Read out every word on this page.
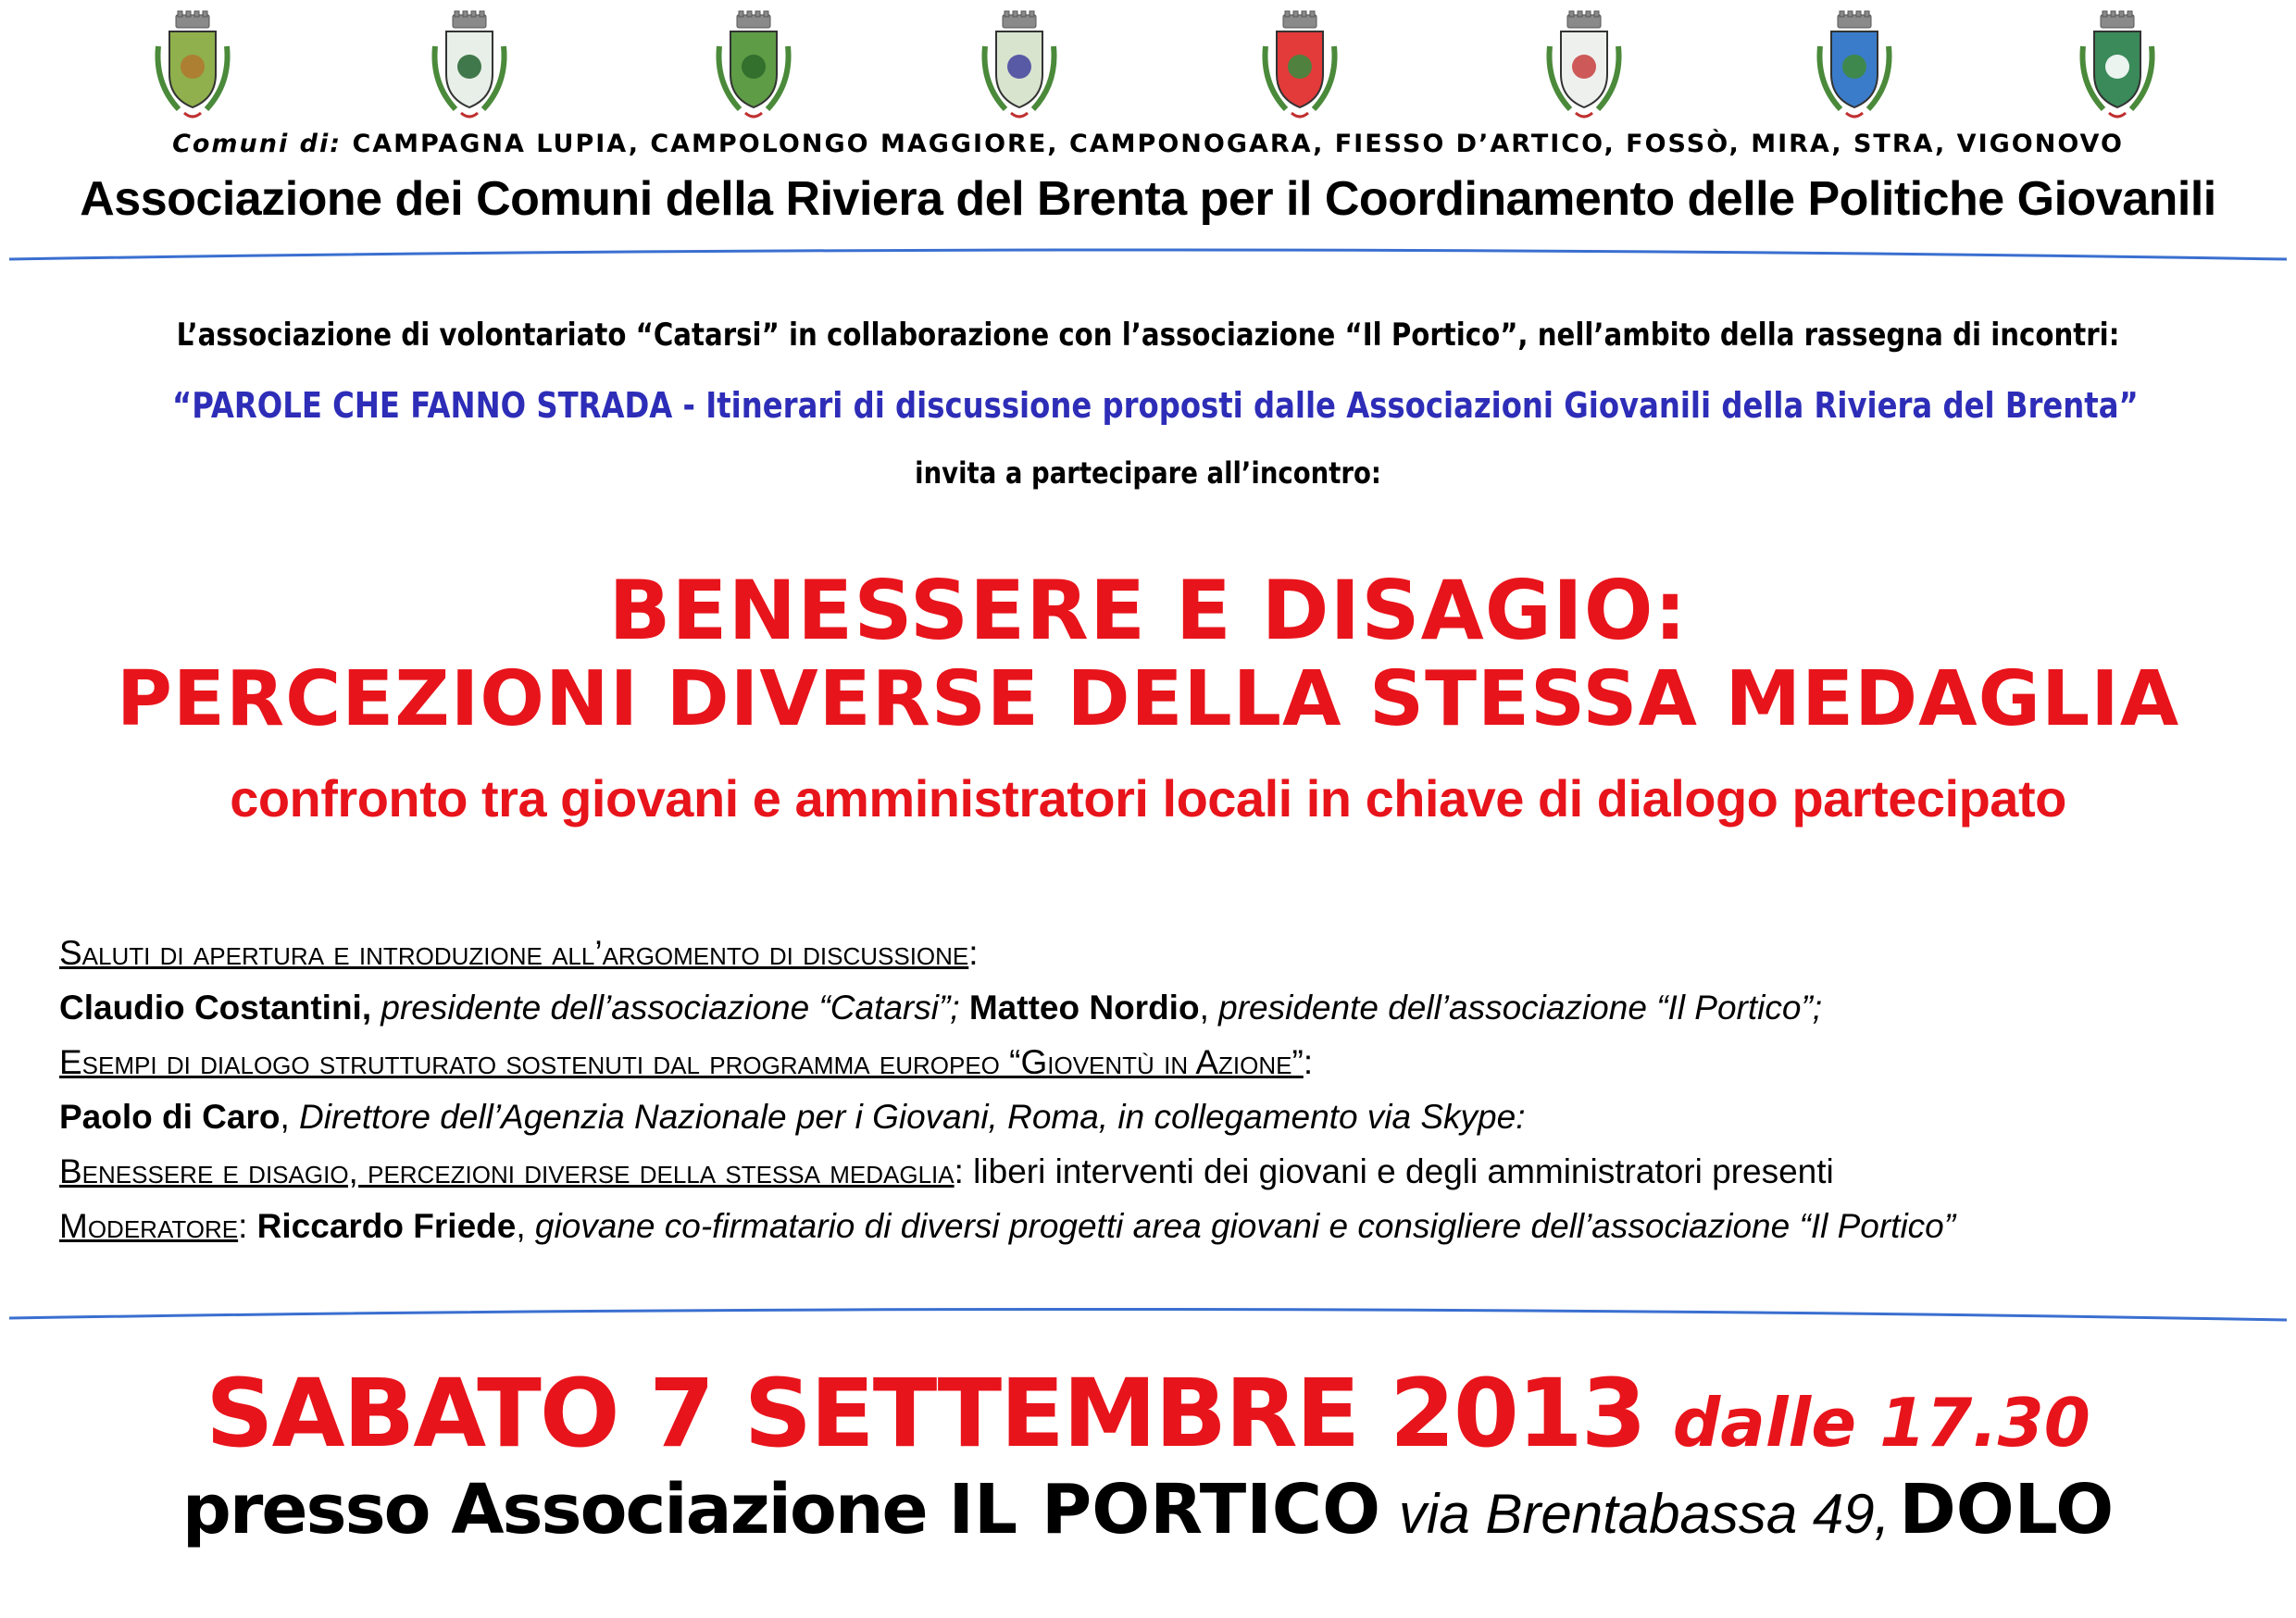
Comuni di: CAMPAGNA LUPIA, CAMPOLONGO MAGGIORE, CAMPONOGARA, FIESSO D’ARTICO, FOSSÒ, MIRA, STRA, VIGONOVO
Associazione dei Comuni della Riviera del Brenta per il Coordinamento delle Politiche Giovanili
L’associazione di volontariato “Catarsi” in collaborazione con l’associazione “Il Portico”, nell’ambito della rassegna di incontri:
“PAROLE CHE FANNO STRADA - Itinerari di discussione proposti dalle Associazioni Giovanili della Riviera del Brenta”
invita a partecipare all’incontro:
BENESSERE E DISAGIO:
PERCEZIONI DIVERSE DELLA STESSA MEDAGLIA
confronto tra giovani e amministratori locali in chiave di dialogo partecipato
Saluti di apertura e introduzione all’argomento di discussione:
Claudio Costantini, presidente dell’associazione “Catarsi”; Matteo Nordio, presidente dell’associazione “Il Portico”;
Esempi di dialogo strutturato sostenuti dal programma europeo “Gioventù in Azione”:
Paolo di Caro, Direttore dell’Agenzia Nazionale per i Giovani, Roma, in collegamento via Skype:
Benessere e disagio, percezioni diverse della stessa medaglia: liberi interventi dei giovani e degli amministratori presenti
Moderatore: Riccardo Friede, giovane co-firmatario di diversi progetti area giovani e consigliere dell’associazione “Il Portico”
SABATO 7 SETTEMBRE 2013 dalle 17.30
presso Associazione IL PORTICO via Brentabassa 49, DOLO
